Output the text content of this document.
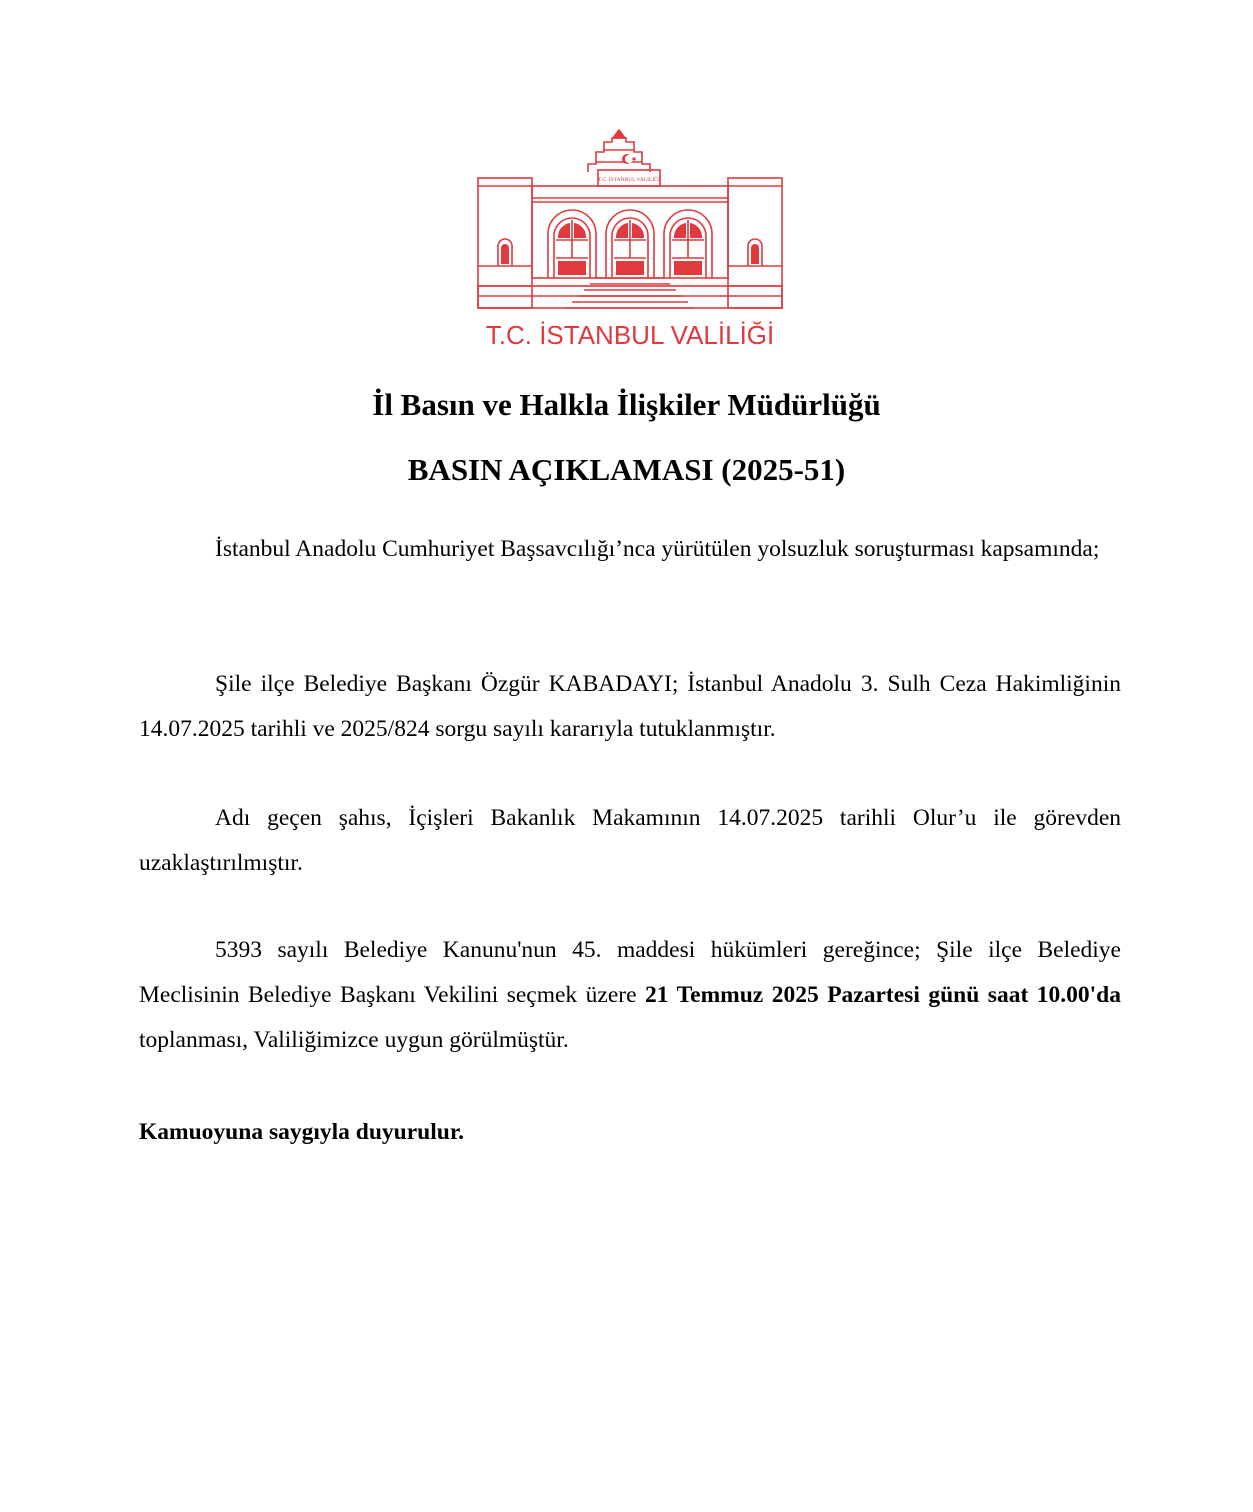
T.C. İSTANBUL VALİLİĞİ
T.C. İSTANBUL VALİLİĞİ
İl Basın ve Halkla İlişkiler Müdürlüğü
BASIN AÇIKLAMASI (2025-51)
İstanbul Anadolu Cumhuriyet Başsavcılığı’nca yürütülen yolsuzluk soruşturması kapsamında;
Şile ilçe Belediye Başkanı Özgür KABADAYI; İstanbul Anadolu 3. Sulh Ceza Hakimliğinin 14.07.2025 tarihli ve 2025/824 sorgu sayılı kararıyla tutuklanmıştır.
Adı geçen şahıs, İçişleri Bakanlık Makamının 14.07.2025 tarihli Olur’u ile görevden uzaklaştırılmıştır.
5393 sayılı Belediye Kanunu'nun 45. maddesi hükümleri gereğince; Şile ilçe Belediye Meclisinin Belediye Başkanı Vekilini seçmek üzere 21 Temmuz 2025 Pazartesi günü saat 10.00'da toplanması, Valiliğimizce uygun görülmüştür.
Kamuoyuna saygıyla duyurulur.
